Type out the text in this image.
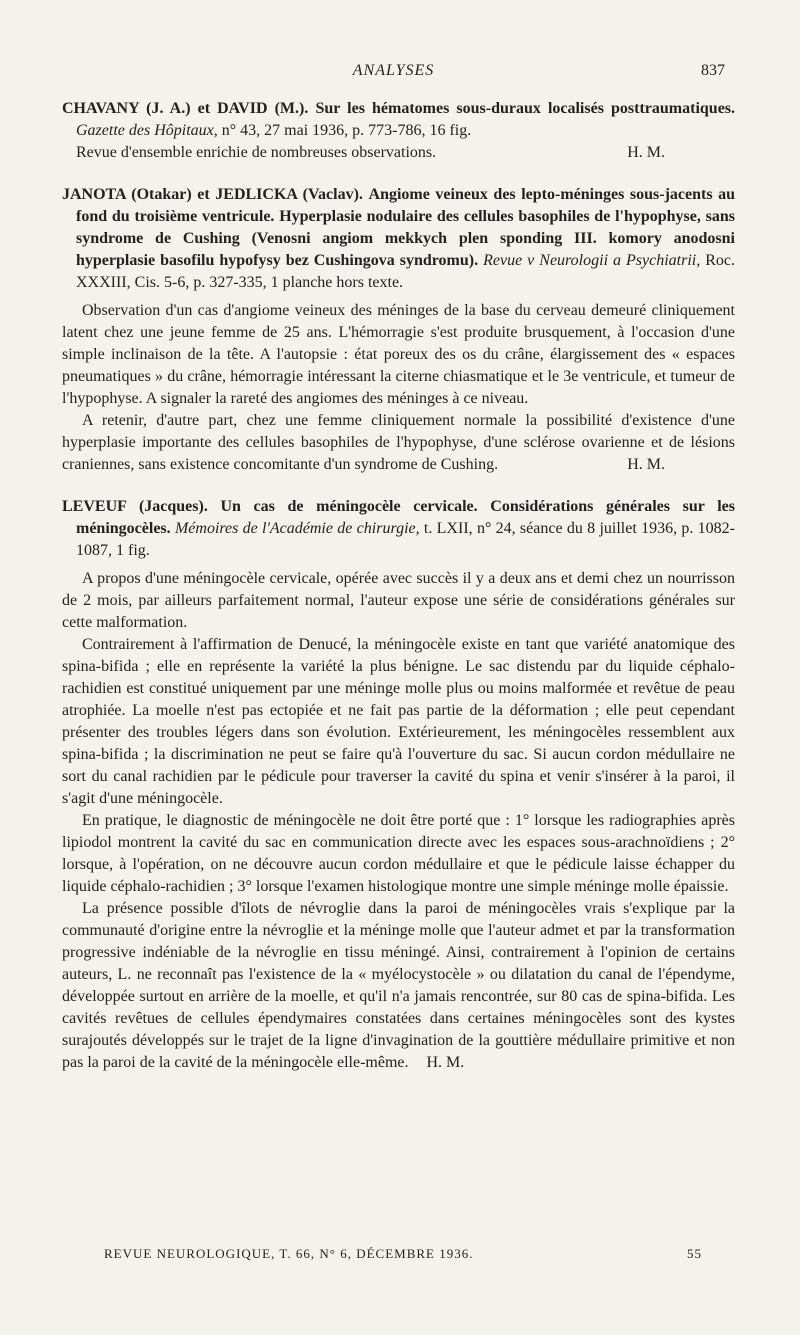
ANALYSES	837

CHAVANY (J. A.) et DAVID (M.). Sur les hématomes sous-duraux localisés posttraumatiques. Gazette des Hôpitaux, n° 43, 27 mai 1936, p. 773-786, 16 fig.
Revue d'ensemble enrichie de nombreuses observations.	H. M.

JANOTA (Otakar) et JEDLICKA (Vaclav). Angiome veineux des lepto-méninges sous-jacents au fond du troisième ventricule. Hyperplasie nodulaire des cellules basophiles de l'hypophyse, sans syndrome de Cushing (Venosni angiom mekkych plen sponding III. komory anodosni hyperplasie basofilu hypofysy bez Cushingova syndromu). Revue v Neurologii a Psychiatrii, Roc. XXXIII, Cis. 5-6, p. 327-335, 1 planche hors texte.

Observation d'un cas d'angiome veineux des méninges de la base du cerveau demeuré cliniquement latent chez une jeune femme de 25 ans. L'hémorragie s'est produite brusquement, à l'occasion d'une simple inclinaison de la tête. A l'autopsie : état poreux des os du crâne, élargissement des « espaces pneumatiques » du crâne, hémorragie intéressant la citerne chiasmatique et le 3e ventricule, et tumeur de l'hypophyse. A signaler la rareté des angiomes des méninges à ce niveau.

A retenir, d'autre part, chez une femme cliniquement normale la possibilité d'existence d'une hyperplasie importante des cellules basophiles de l'hypophyse, d'une sclérose ovarienne et de lésions craniennes, sans existence concomitante d'un syndrome de Cushing.	H. M.

LEVEUF (Jacques). Un cas de méningocèle cervicale. Considérations générales sur les méningocèles. Mémoires de l'Académie de chirurgie, t. LXII, n° 24, séance du 8 juillet 1936, p. 1082-1087, 1 fig.

A propos d'une méningocèle cervicale, opérée avec succès il y a deux ans et demi chez un nourrisson de 2 mois, par ailleurs parfaitement normal, l'auteur expose une série de considérations générales sur cette malformation.

Contrairement à l'affirmation de Denucé, la méningocèle existe en tant que variété anatomique des spina-bifida ; elle en représente la variété la plus bénigne. Le sac distendu par du liquide céphalo-rachidien est constitué uniquement par une méninge molle plus ou moins malformée et revêtue de peau atrophiée. La moelle n'est pas ectopiée et ne fait pas partie de la déformation ; elle peut cependant présenter des troubles légers dans son évolution. Extérieurement, les méningocèles ressemblent aux spina-bifida ; la discrimination ne peut se faire qu'à l'ouverture du sac. Si aucun cordon médullaire ne sort du canal rachidien par le pédicule pour traverser la cavité du spina et venir s'insérer à la paroi, il s'agit d'une méningocèle.

En pratique, le diagnostic de méningocèle ne doit être porté que : 1° lorsque les radiographies après lipiodol montrent la cavité du sac en communication directe avec les espaces sous-arachnoïdiens ; 2° lorsque, à l'opération, on ne découvre aucun cordon médullaire et que le pédicule laisse échapper du liquide céphalo-rachidien ; 3° lorsque l'examen histologique montre une simple méninge molle épaissie.

La présence possible d'îlots de névroglie dans la paroi de méningocèles vrais s'explique par la communauté d'origine entre la névroglie et la méninge molle que l'auteur admet et par la transformation progressive indéniable de la névroglie en tissu méningé. Ainsi, contrairement à l'opinion de certains auteurs, L. ne reconnaît pas l'existence de la « myélocystocèle » ou dilatation du canal de l'épendyme, développée surtout en arrière de la moelle, et qu'il n'a jamais rencontrée, sur 80 cas de spina-bifida. Les cavités revêtues de cellules épendymaires constatées dans certaines méningocèles sont des kystes surajoutés développés sur le trajet de la ligne d'invagination de la gouttière médullaire primitive et non pas la paroi de la cavité de la méningocèle elle-même. H. M.

REVUE NEUROLOGIQUE, T. 66, N° 6, DÉCEMBRE 1936.	55
